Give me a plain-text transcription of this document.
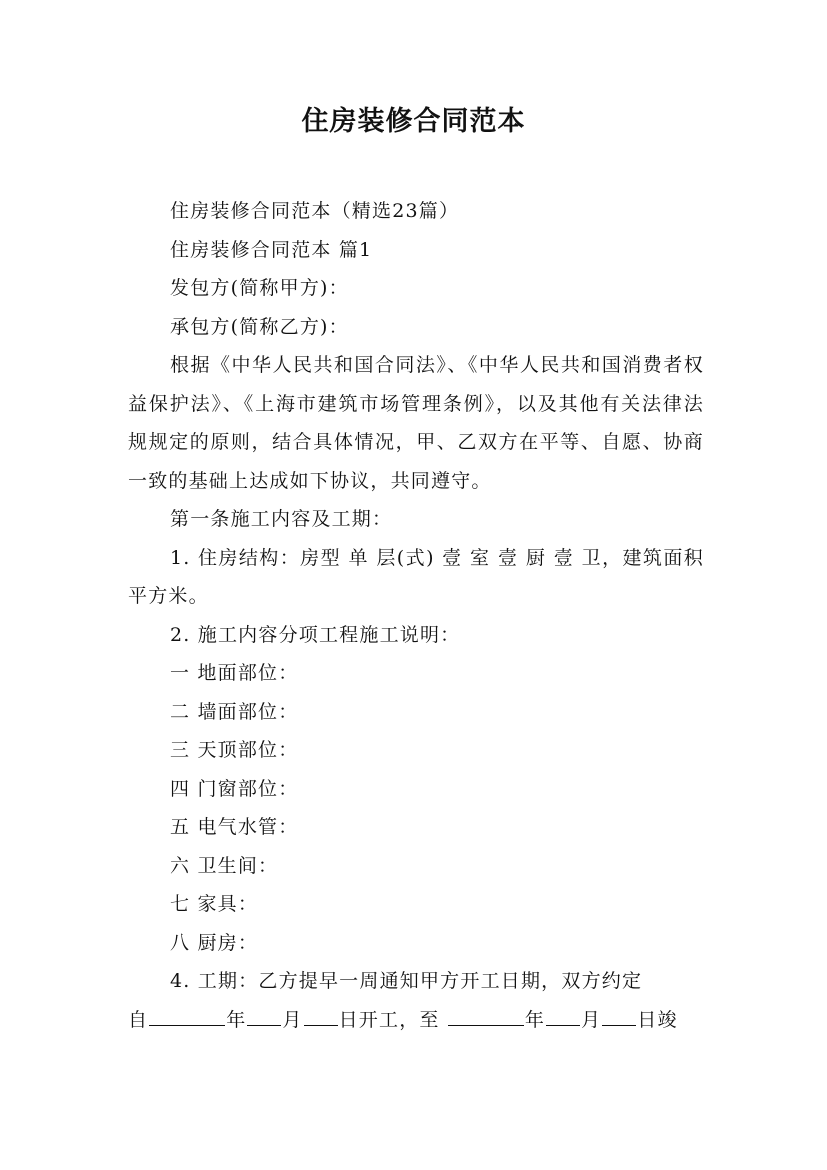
住房装修合同范本

住房装修合同范本（精选23篇）

住房装修合同范本 篇1

发包方(简称甲方)：

承包方(简称乙方)：

根据《中华人民共和国合同法》、《中华人民共和国消费者权益保护法》、《上海市建筑市场管理条例》，以及其他有关法律法规规定的原则，结合具体情况，甲、乙双方在平等、自愿、协商一致的基础上达成如下协议，共同遵守。

第一条施工内容及工期：

1. 住房结构：房型 单 层(式) 壹 室 壹 厨 壹 卫，建筑面积 平方米。

2. 施工内容分项工程施工说明：

一 地面部位：

二 墙面部位：

三 天顶部位：

四 门窗部位：

五 电气水管：

六 卫生间：

七 家具：

八 厨房：

4. 工期：乙方提早一周通知甲方开工日期，双方约定

自	年 月 日开工，至	年 月 日竣
